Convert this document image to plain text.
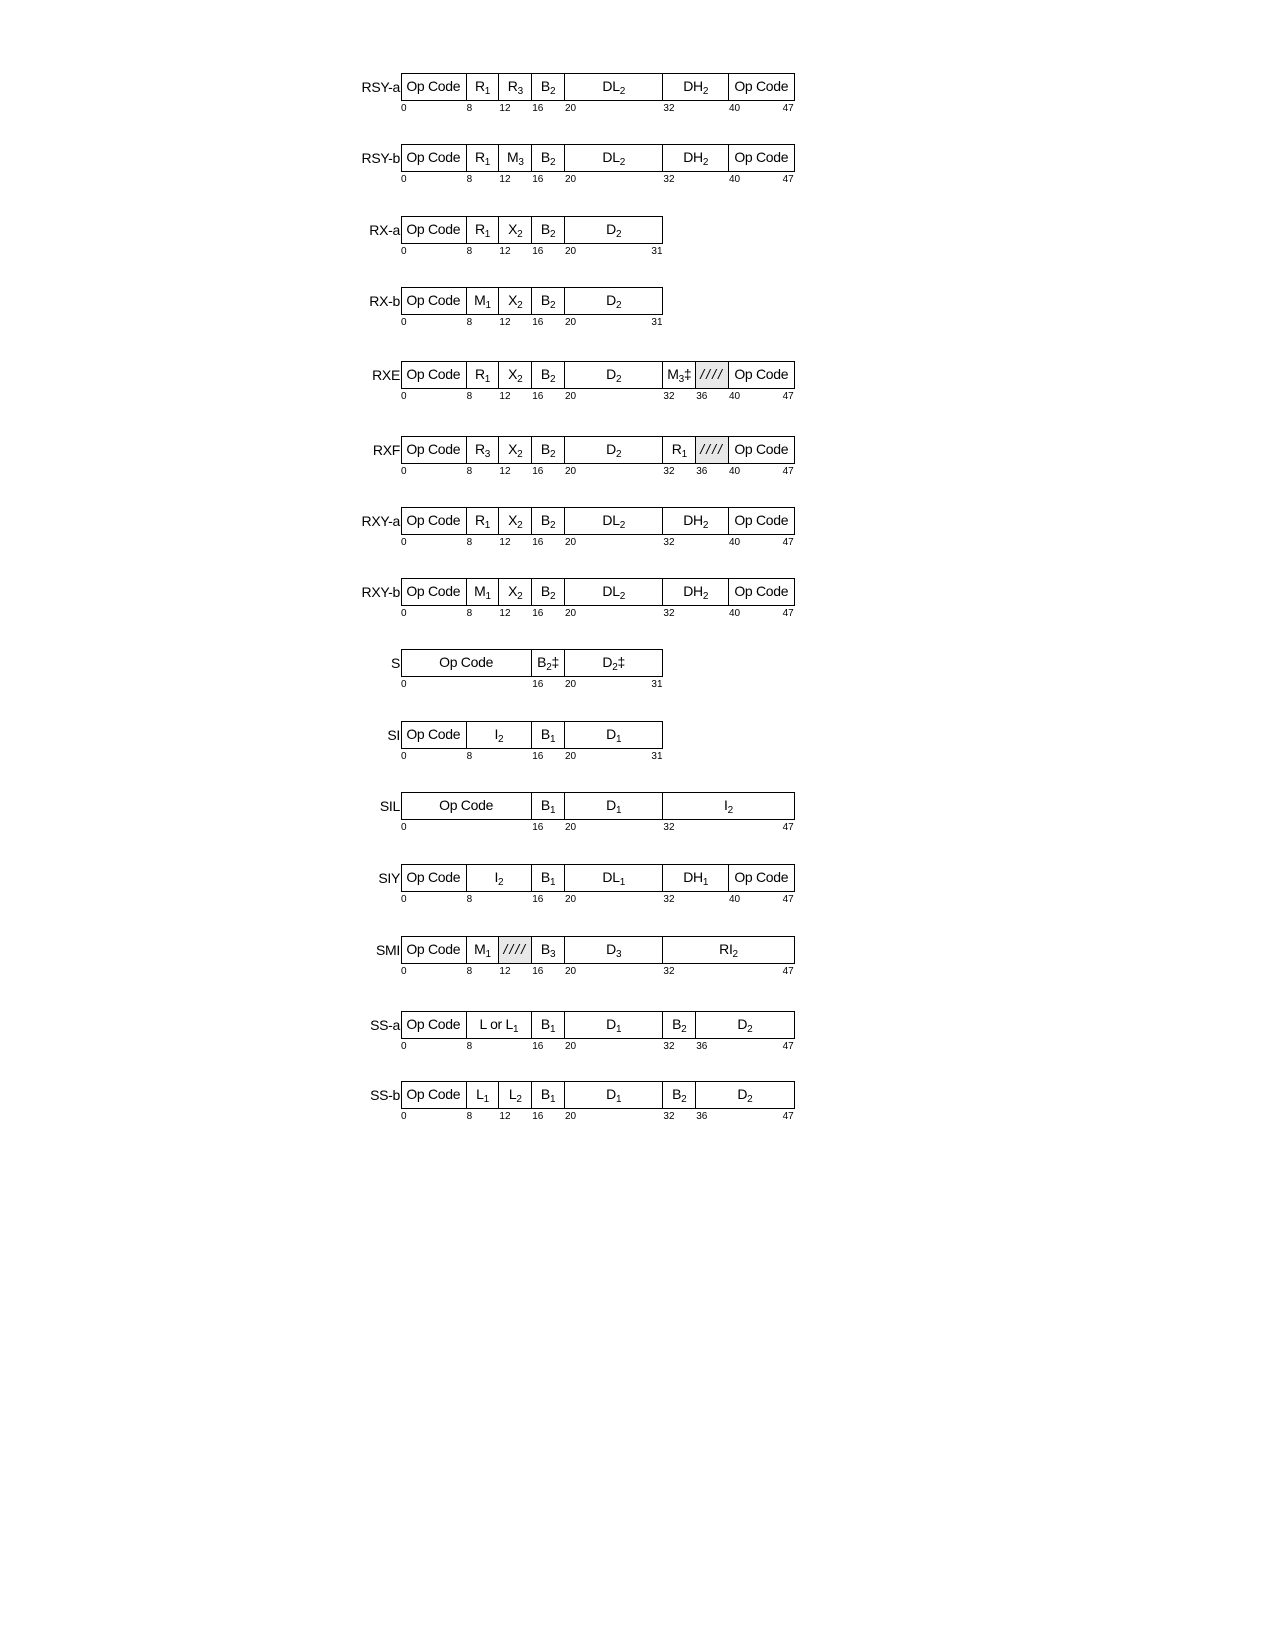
RSY-a Op Code	$R_1$	$R_3$	$B_2$	$DL_2$	$DH_2$	Op Code
0	8	12 16 20	32	40	47
RSY-b Op Code	$R_1$	$M_3$	$B_2$	$DL_2$	$DH_2$	Op Code
0	8	12 16 20	32	40	47
RX-a Op Code	$R_1$	$X_2$	$B_2$	$D_2$
0	8	12 16 20	31
RX-b Op Code $M_1$	$X_2$	$B_2$	$D_2$
0	8	12 16 20	31
RXE Op Code	$R_1$	$X_2$	$B_2$	$D_2$	$M_3\ddagger$ //// Op Code
0	8	12 16 20	32 36 40	47
RXF Op Code	$R_3$	$X_2$	$B_2$	$D_2$	$R_1$ //// Op Code
0	8	12 16 20	32 36 40	47
RXY-a Op Code	$R_1$	$X_2$	$B_2$	$DL_2$	$DH_2$	Op Code
0	8	12 16 20	32	40	47
RXY-b Op Code $M_1$	$X_2$	$B_2$	$DL_2$	$DH_2$	Op Code
0	8	12 16 20	32	40	47
S	Op Code	$B_2\ddagger$	$D_2\ddagger$
0	16 20	31
SI Op Code	$I_2$	$B_1$	$D_1$
0	8	16 20	31
SIL	Op Code	$B_1$	$D_1$	$I_2$
0	16 20	32	47
SIY Op Code	$I_2$	$B_1$	$DL_1$	$DH_1$	Op Code
0	8	16 20	32	40	47
SMI Op Code $M_1$ //// $B_3$	$D_3$	$RI_2$
0	8	12 16 20	32	47
SS-a Op Code	L or $L_1$	$B_1$	$D_1$	$B_2$	$D_2$
0	8	16 20	32 36	47
SS-b Op Code	$L_1$	$L_2$	$B_1$	$D_1$	$B_2$	$D_2$
0	8	12 16 20	32 36	47
